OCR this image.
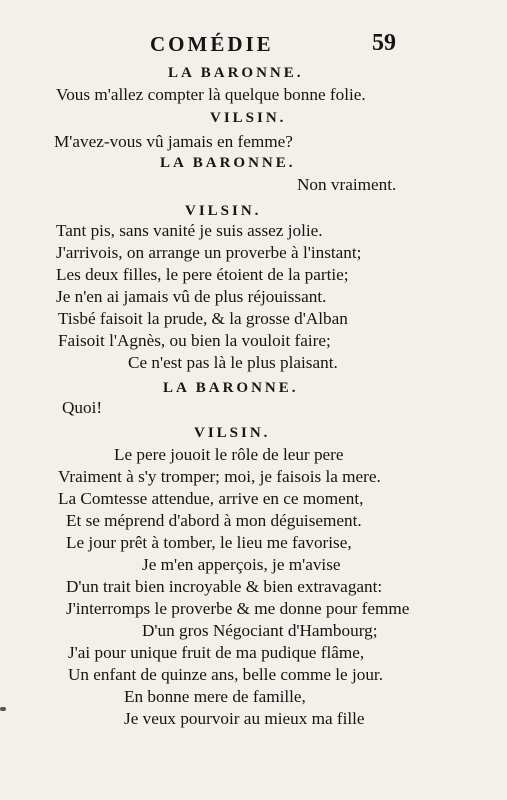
COMÉDIE	59
LA BARONNE.
Vous m'allez compter là quelque bonne folie.
VILSIN.
M'avez-vous vû jamais en femme?
LA BARONNE.
Non vraiment.
VILSIN.
Tant pis, sans vanité je suis assez jolie.
J'arrivois, on arrange un proverbe à l'instant;
Les deux filles, le pere étoient de la partie;
Je n'en ai jamais vû de plus réjouissant.
Tisbé faisoit la prude, & la grosse d'Alban
Faisoit l'Agnès, ou bien la vouloit faire;
Ce n'est pas là le plus plaisant.
LA BARONNE.
Quoi!
VILSIN.
Le pere jouoit le rôle de leur pere
Vraiment à s'y tromper; moi, je faisois la mere.
La Comtesse attendue, arrive en ce moment,
Et se méprend d'abord à mon déguisement.
Le jour prêt à tomber, le lieu me favorise,
Je m'en apperçois, je m'avise
D'un trait bien incroyable & bien extravagant:
J'interromps le proverbe & me donne pour femme
D'un gros Négociant d'Hambourg;
J'ai pour unique fruit de ma pudique flâme,
Un enfant de quinze ans, belle comme le jour.
En bonne mere de famille,
Je veux pourvoir au mieux ma fille
